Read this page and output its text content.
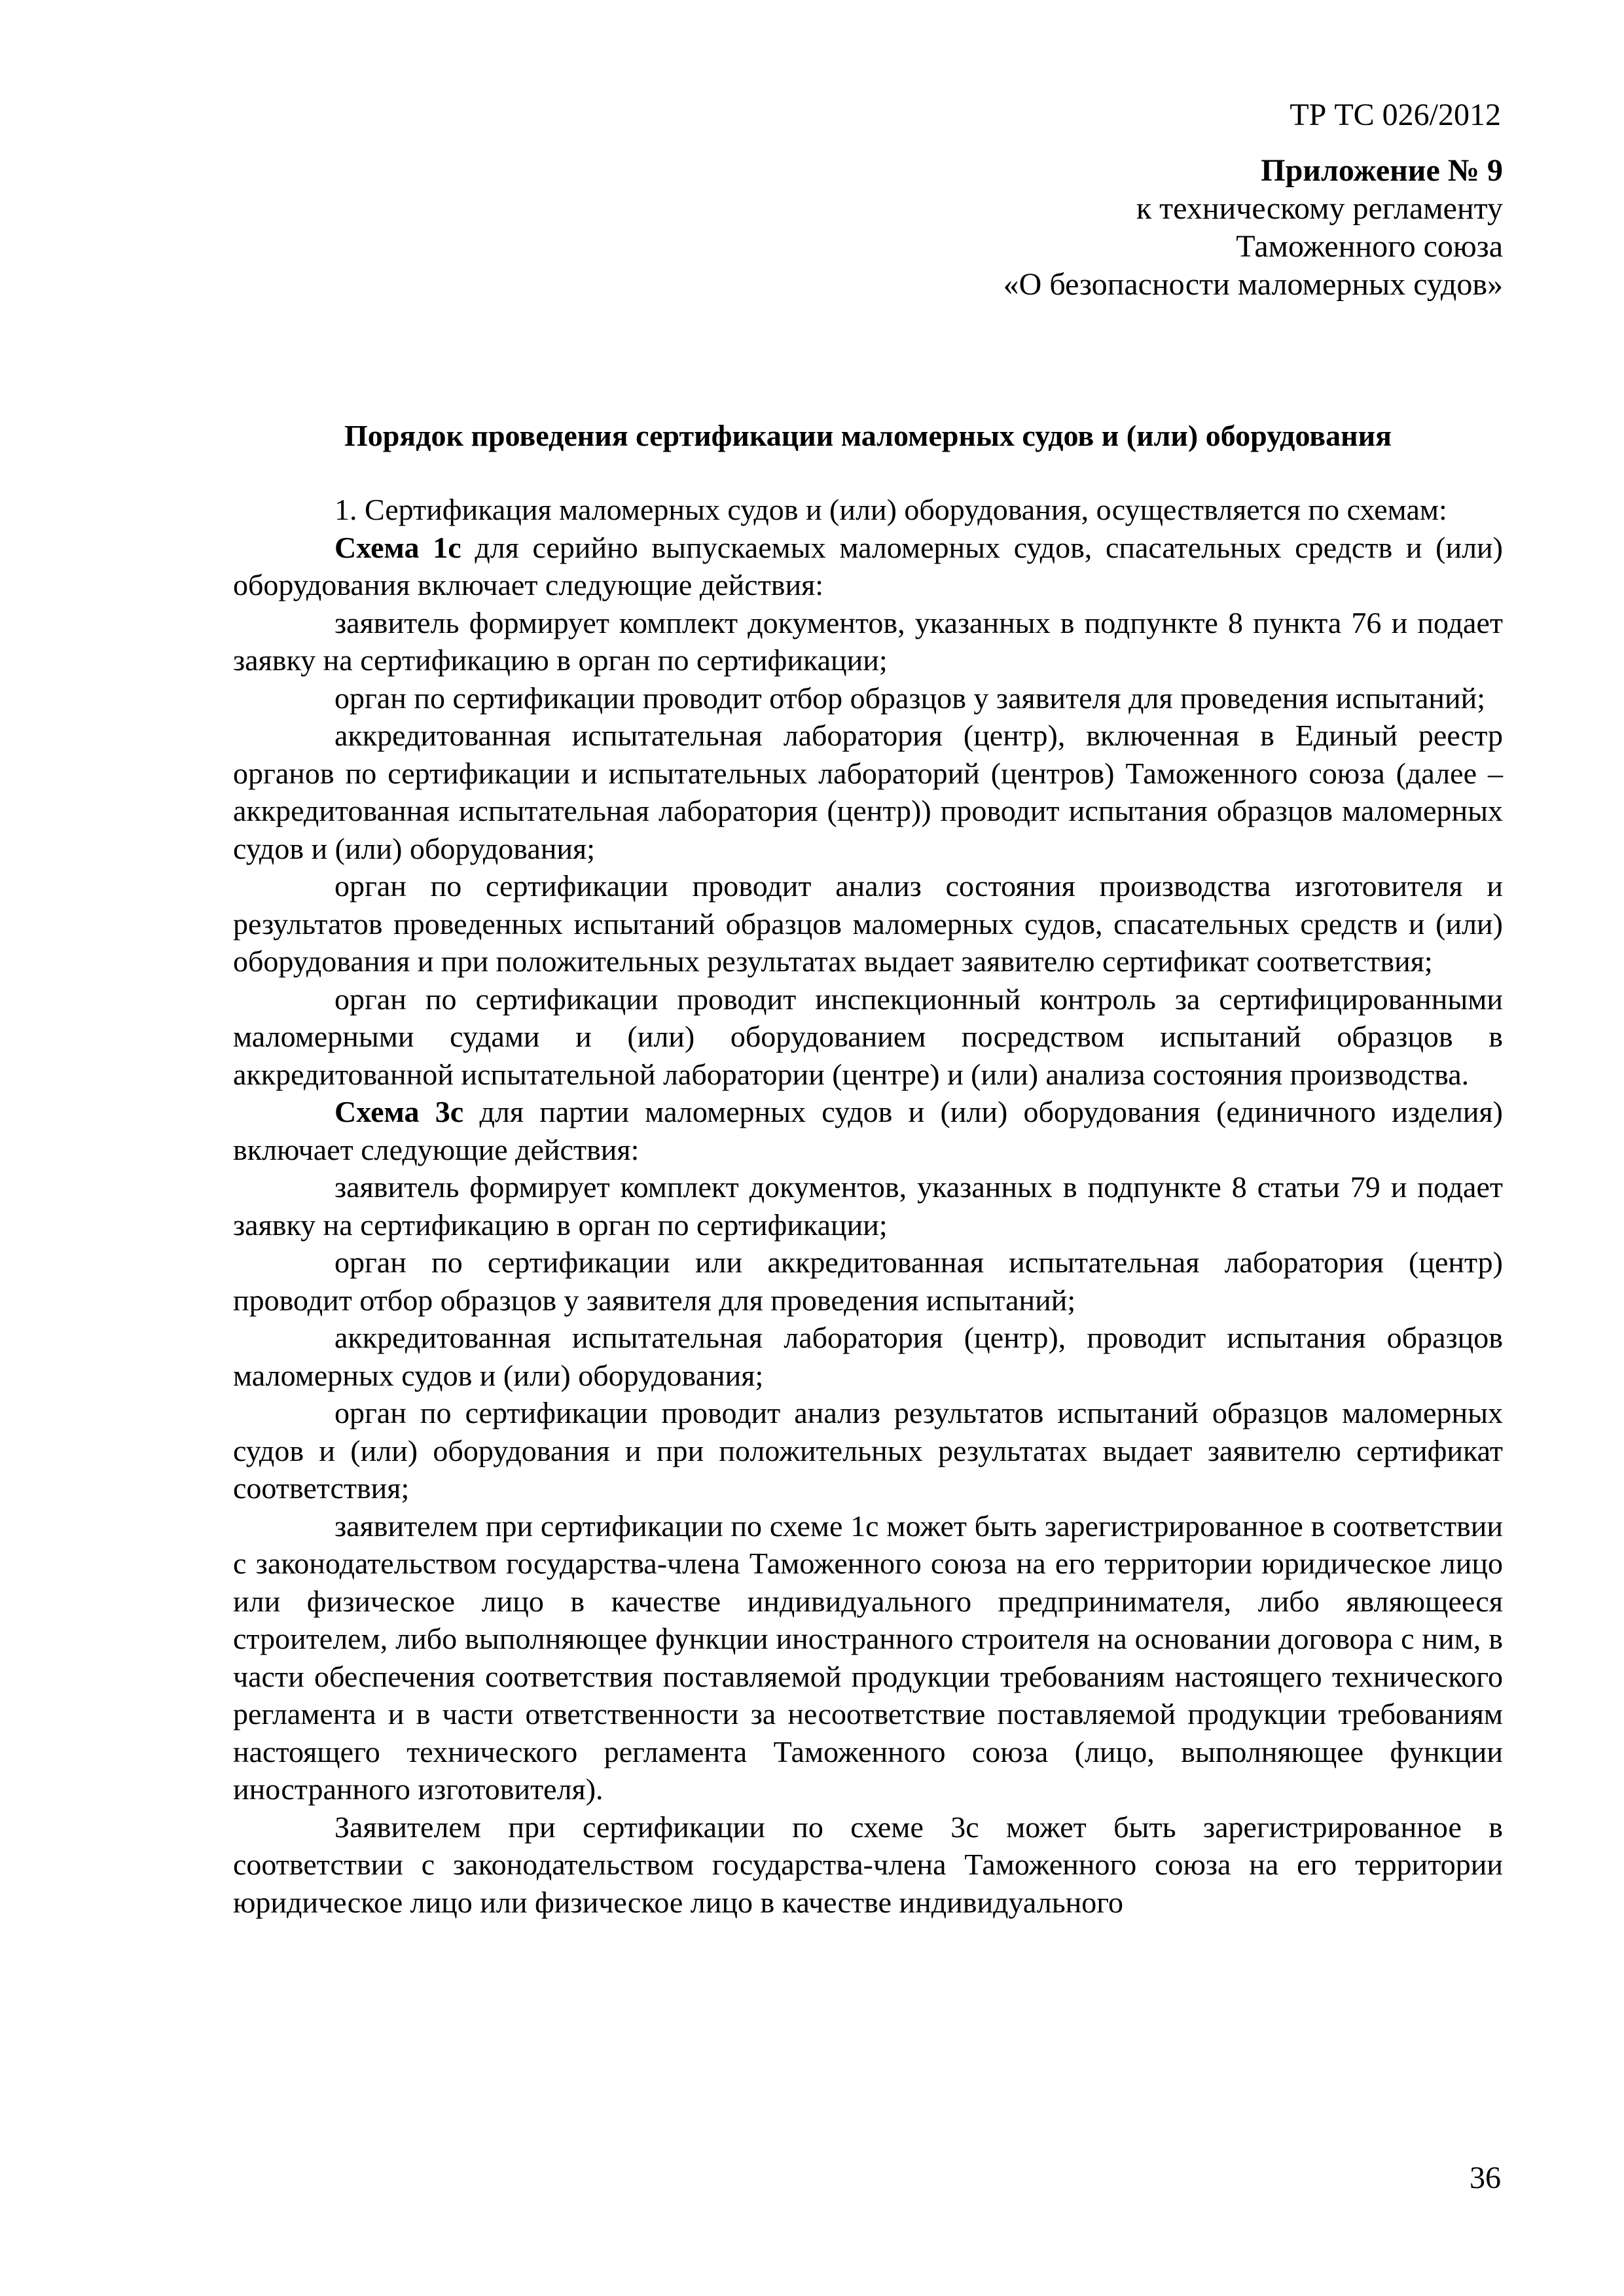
ТР ТС 026/2012

Приложение № 9
к техническому регламенту
Таможенного союза
«О безопасности маломерных судов»
Порядок проведения сертификации маломерных судов и (или) оборудования

1. Сертификация маломерных судов и (или) оборудования, осуществляется по схемам:

Схема 1с для серийно выпускаемых маломерных судов, спасательных средств и (или) оборудования включает следующие действия:

заявитель формирует комплект документов, указанных в подпункте 8 пункта 76 и подает заявку на сертификацию в орган по сертификации;

орган по сертификации проводит отбор образцов у заявителя для проведения испытаний;

аккредитованная испытательная лаборатория (центр), включенная в Единый реестр органов по сертификации и испытательных лабораторий (центров) Таможенного союза (далее – аккредитованная испытательная лаборатория (центр)) проводит испытания образцов маломерных судов и (или) оборудования;

орган по сертификации проводит анализ состояния производства изготовителя и результатов проведенных испытаний образцов маломерных судов, спасательных средств и (или) оборудования и при положительных результатах выдает заявителю сертификат соответствия;

орган по сертификации проводит инспекционный контроль за сертифицированными маломерными судами и (или) оборудованием посредством испытаний образцов в аккредитованной испытательной лаборатории (центре) и (или) анализа состояния производства.

Схема 3с для партии маломерных судов и (или) оборудования (единичного изделия) включает следующие действия:

заявитель формирует комплект документов, указанных в подпункте 8 статьи 79 и подает заявку на сертификацию в орган по сертификации;

орган по сертификации или аккредитованная испытательная лаборатория (центр) проводит отбор образцов у заявителя для проведения испытаний;

аккредитованная испытательная лаборатория (центр), проводит испытания образцов маломерных судов и (или) оборудования;

орган по сертификации проводит анализ результатов испытаний образцов маломерных судов и (или) оборудования и при положительных результатах выдает заявителю сертификат соответствия;

заявителем при сертификации по схеме 1с может быть зарегистрированное в соответствии с законодательством государства-члена Таможенного союза на его территории юридическое лицо или физическое лицо в качестве индивидуального предпринимателя, либо являющееся строителем, либо выполняющее функции иностранного строителя на основании договора с ним, в части обеспечения соответствия поставляемой продукции требованиям настоящего технического регламента и в части ответственности за несоответствие поставляемой продукции требованиям настоящего технического регламента Таможенного союза (лицо, выполняющее функции иностранного изготовителя).

Заявителем при сертификации по схеме 3с может быть зарегистрированное в соответствии с законодательством государства-члена Таможенного союза на его территории юридическое лицо или физическое лицо в качестве индивидуального

36
